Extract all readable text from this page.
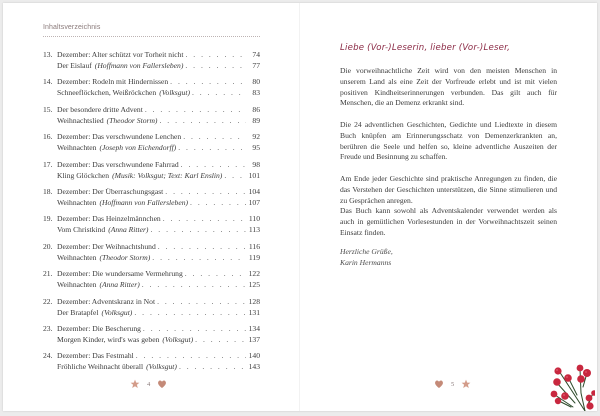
Inhaltsverzeichnis
13. Dezember: Alter schützt vor Torheit nicht . . .	74
Der Eislauf (Hoffmann von Fallersleben) . . .	77
14. Dezember: Rodeln mit Hindernissen . . .	80
Schneeflöckchen, Weißröckchen (Volksgut) . . .	83
15. Der besondere dritte Advent . . .	86
Weihnachtslied (Theodor Storm) . . .	89
16. Dezember: Das verschwundene Lenchen . . .	92
Weihnachten (Joseph von Eichendorff) . . .	95
17. Dezember: Das verschwundene Fahrrad . . .	98
Kling Glöckchen (Musik: Volksgut; Text: Karl Enslin) . . .	101
18. Dezember: Der Überraschungsgast . . .	104
Weihnachten (Hoffmann von Fallersleben) . . .	107
19. Dezember: Das Heinzelmännchen . . .	110
Vom Christkind (Anna Ritter) . . .	113
20. Dezember: Der Weihnachtshund . . .	116
Weihnachten (Theodor Storm) . . .	119
21. Dezember: Die wundersame Vermehrung . . .	122
Weihnachten (Anna Ritter) . . .	125
22. Dezember: Adventskranz in Not . . .	128
Der Bratapfel (Volksgut) . . .	131
23. Dezember: Die Bescherung . . .	134
Morgen Kinder, wird's was geben (Volksgut) . . .	137
24. Dezember: Das Festmahl . . .	140
Fröhliche Weihnacht überall (Volksgut) . . .	143
4
Liebe (Vor-)Leserin, lieber (Vor-)Leser,

Die vorweihnachtliche Zeit wird von den meisten Menschen in unserem Land als eine Zeit der Vorfreude erlebt und ist mit vielen positiven Kindheitserinnerungen verbunden. Das gilt auch für Menschen, die an Demenz erkrankt sind.

Die 24 adventlichen Geschichten, Gedichte und Liedtexte in diesem Buch knüpfen am Erinnerungsschatz von Demenzerkrankten an, berühren die Seele und helfen so, kleine adventliche Auszeiten der Freude und Besinnung zu schaffen.

Am Ende jeder Geschichte sind praktische Anregungen zu finden, die das Verstehen der Geschichten unterstützen, die Sinne stimulieren und zu Gesprächen anregen.

Das Buch kann sowohl als Adventskalender verwendet werden als auch in gemütlichen Vorlesestunden in der Vorweihnachtszeit seinen Einsatz finden.

Herzliche Grüße,
Karin Hermanns
5
